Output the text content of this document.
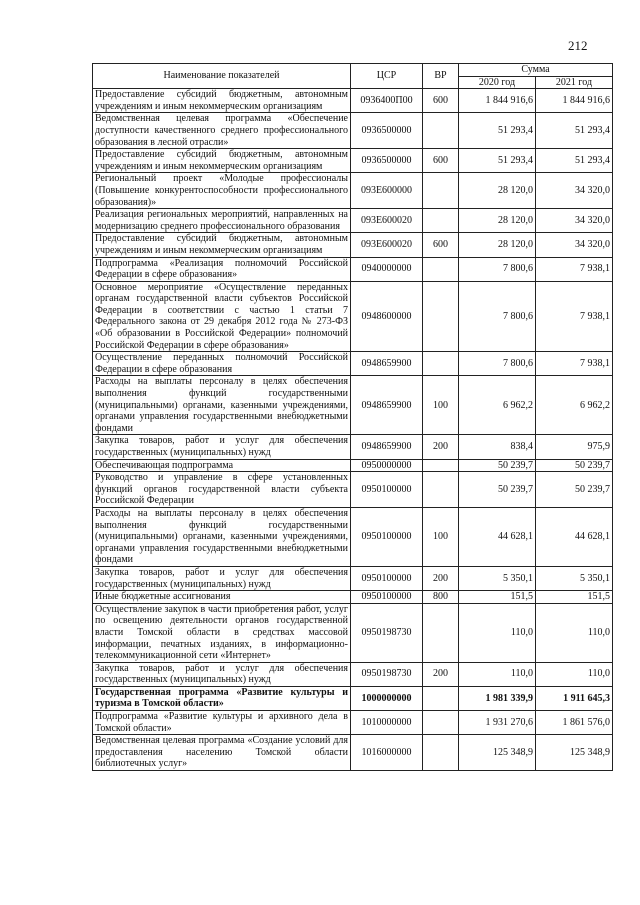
212
Наименование показателей	ЦСР	ВР	Сумма	
			2020 год	2021 год
Предоставление субсидий бюджетным, автономным учреждениям и иным некоммерческим организациям	0936400П00	600	1 844 916,6	1 844 916,6
Ведомственная целевая программа «Обеспечение доступности качественного среднего профессионального образования в лесной отрасли»	0936500000		51 293,4	51 293,4
Предоставление субсидий бюджетным, автономным учреждениям и иным некоммерческим организациям	0936500000	600	51 293,4	51 293,4
Региональный проект «Молодые профессионалы (Повышение конкурентоспособности профессионального образования)»	093E600000		28 120,0	34 320,0
Реализация региональных мероприятий, направленных на модернизацию среднего профессионального образования	093E600020		28 120,0	34 320,0
Предоставление субсидий бюджетным, автономным учреждениям и иным некоммерческим организациям	093E600020	600	28 120,0	34 320,0
Подпрограмма «Реализация полномочий Российской Федерации в сфере образования»	0940000000		7 800,6	7 938,1
Основное мероприятие «Осуществление переданных органам государственной власти субъектов Российской Федерации в соответствии с частью 1 статьи 7 Федерального закона от 29 декабря 2012 года № 273-ФЗ «Об образовании в Российской Федерации» полномочий Российской Федерации в сфере образования»	0948600000		7 800,6	7 938,1
Осуществление переданных полномочий Российской Федерации в сфере образования	0948659900		7 800,6	7 938,1
Расходы на выплаты персоналу в целях обеспечения выполнения функций государственными (муниципальными) органами, казенными учреждениями, органами управления государственными внебюджетными фондами	0948659900	100	6 962,2	6 962,2
Закупка товаров, работ и услуг для обеспечения государственных (муниципальных) нужд	0948659900	200	838,4	975,9
Обеспечивающая подпрограмма	0950000000		50 239,7	50 239,7
Руководство и управление в сфере установленных функций органов государственной власти субъекта Российской Федерации	0950100000		50 239,7	50 239,7
Расходы на выплаты персоналу в целях обеспечения выполнения функций государственными (муниципальными) органами, казенными учреждениями, органами управления государственными внебюджетными фондами	0950100000	100	44 628,1	44 628,1
Закупка товаров, работ и услуг для обеспечения государственных (муниципальных) нужд	0950100000	200	5 350,1	5 350,1
Иные бюджетные ассигнования	0950100000	800	151,5	151,5
Осуществление закупок в части приобретения работ, услуг по освещению деятельности органов государственной власти Томской области в средствах массовой информации, печатных изданиях, в информационно-телекоммуникационной сети «Интернет»	0950198730		110,0	110,0
Закупка товаров, работ и услуг для обеспечения государственных (муниципальных) нужд	0950198730	200	110,0	110,0
Государственная программа «Развитие культуры и туризма в Томской области»	1000000000		1 981 339,9	1 911 645,3
Подпрограмма «Развитие культуры и архивного дела в Томской области»	1010000000		1 931 270,6	1 861 576,0
Ведомственная целевая программа «Создание условий для предоставления населению Томской области библиотечных услуг»	1016000000		125 348,9	125 348,9
